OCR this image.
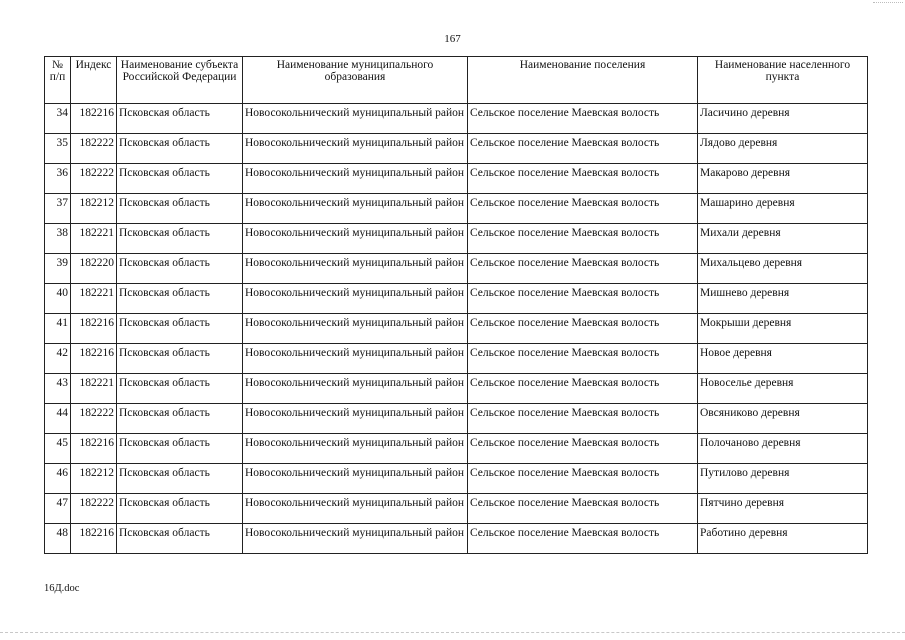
167
№ п/п	Индекс	Наименование субъекта Российской Федерации	Наименование муниципального образования	Наименование поселения	Наименование населенного пункта
34	182216	Псковская область	Новосокольнический муниципальный район	Сельское поселение Маевская волость	Ласичино деревня
35	182222	Псковская область	Новосокольнический муниципальный район	Сельское поселение Маевская волость	Лядово деревня
36	182222	Псковская область	Новосокольнический муниципальный район	Сельское поселение Маевская волость	Макарово деревня
37	182212	Псковская область	Новосокольнический муниципальный район	Сельское поселение Маевская волость	Машарино деревня
38	182221	Псковская область	Новосокольнический муниципальный район	Сельское поселение Маевская волость	Михали деревня
39	182220	Псковская область	Новосокольнический муниципальный район	Сельское поселение Маевская волость	Михальцево деревня
40	182221	Псковская область	Новосокольнический муниципальный район	Сельское поселение Маевская волость	Мишнево деревня
41	182216	Псковская область	Новосокольнический муниципальный район	Сельское поселение Маевская волость	Мокрыши деревня
42	182216	Псковская область	Новосокольнический муниципальный район	Сельское поселение Маевская волость	Новое деревня
43	182221	Псковская область	Новосокольнический муниципальный район	Сельское поселение Маевская волость	Новоселье деревня
44	182222	Псковская область	Новосокольнический муниципальный район	Сельское поселение Маевская волость	Овсяниково деревня
45	182216	Псковская область	Новосокольнический муниципальный район	Сельское поселение Маевская волость	Полочаново деревня
46	182212	Псковская область	Новосокольнический муниципальный район	Сельское поселение Маевская волость	Путилово деревня
47	182222	Псковская область	Новосокольнический муниципальный район	Сельское поселение Маевская волость	Пятчино деревня
48	182216	Псковская область	Новосокольнический муниципальный район	Сельское поселение Маевская волость	Работино деревня
16Д.doc
